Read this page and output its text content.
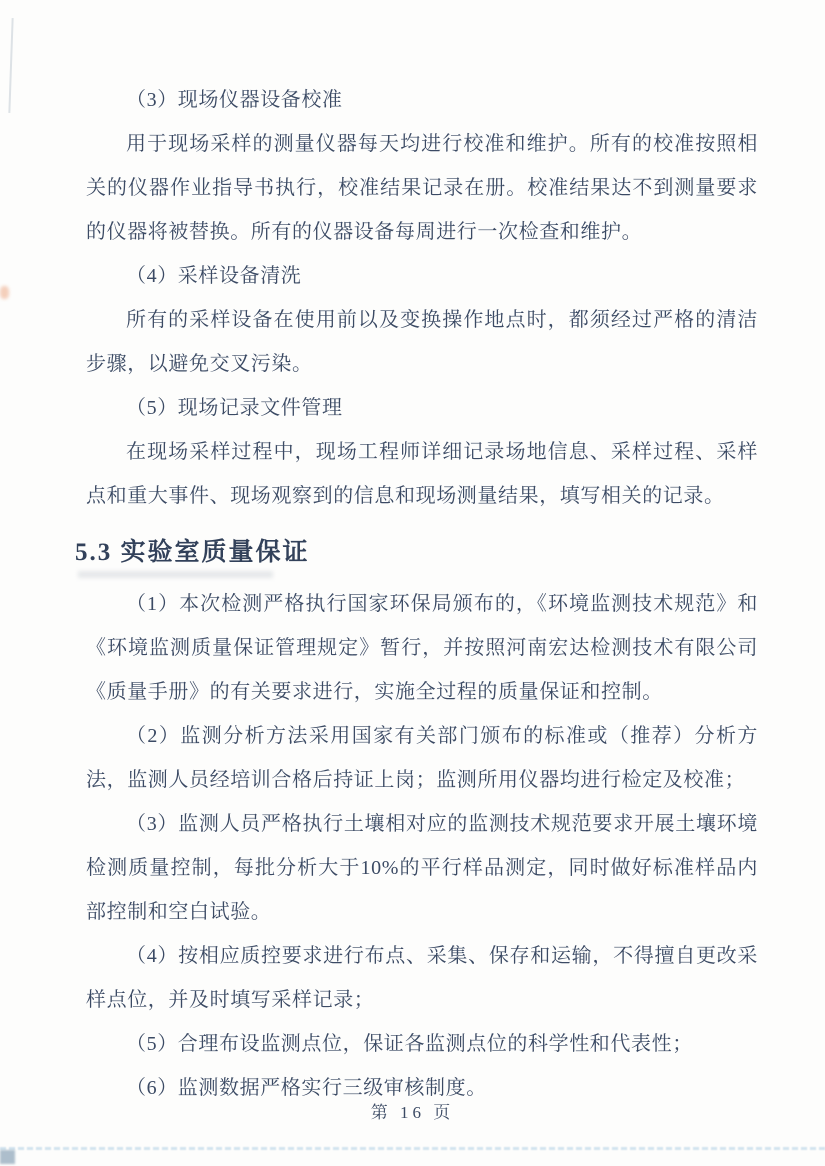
（3）现场仪器设备校准

用于现场采样的测量仪器每天均进行校准和维护。所有的校准按照相关的仪器作业指导书执行，校准结果记录在册。校准结果达不到测量要求的仪器将被替换。所有的仪器设备每周进行一次检查和维护。

（4）采样设备清洗

所有的采样设备在使用前以及变换操作地点时，都须经过严格的清洁步骤，以避免交叉污染。

（5）现场记录文件管理

在现场采样过程中，现场工程师详细记录场地信息、采样过程、采样点和重大事件、现场观察到的信息和现场测量结果，填写相关的记录。

5.3 实验室质量保证

（1）本次检测严格执行国家环保局颁布的，《环境监测技术规范》和《环境监测质量保证管理规定》暂行，并按照河南宏达检测技术有限公司《质量手册》的有关要求进行，实施全过程的质量保证和控制。

（2）监测分析方法采用国家有关部门颁布的标准或（推荐）分析方法，监测人员经培训合格后持证上岗；监测所用仪器均进行检定及校准；

（3）监测人员严格执行土壤相对应的监测技术规范要求开展土壤环境检测质量控制，每批分析大于10%的平行样品测定，同时做好标准样品内部控制和空白试验。

（4）按相应质控要求进行布点、采集、保存和运输，不得擅自更改采样点位，并及时填写采样记录；

（5）合理布设监测点位，保证各监测点位的科学性和代表性；

（6）监测数据严格实行三级审核制度。

第 16 页
